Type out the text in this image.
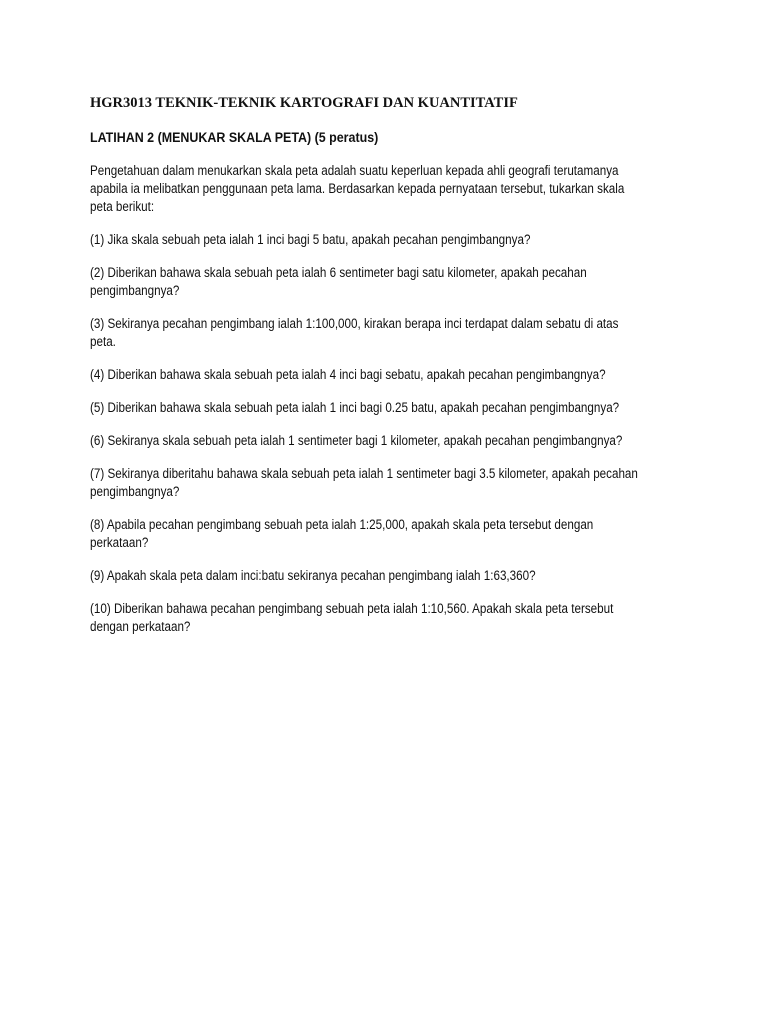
HGR3013 TEKNIK-TEKNIK KARTOGRAFI DAN KUANTITATIF
LATIHAN 2 (MENUKAR SKALA PETA) (5 peratus)
Pengetahuan dalam menukarkan skala peta adalah suatu keperluan kepada ahli geografi terutamanya
apabila ia melibatkan penggunaan peta lama. Berdasarkan kepada pernyataan tersebut, tukarkan skala
peta berikut:
(1) Jika skala sebuah peta ialah 1 inci bagi 5 batu, apakah pecahan pengimbangnya?
(2) Diberikan bahawa skala sebuah peta ialah 6 sentimeter bagi satu kilometer, apakah pecahan
pengimbangnya?
(3) Sekiranya pecahan pengimbang ialah 1:100,000, kirakan berapa inci terdapat dalam sebatu di atas
peta.
(4) Diberikan bahawa skala sebuah peta ialah 4 inci bagi sebatu, apakah pecahan pengimbangnya?
(5) Diberikan bahawa skala sebuah peta ialah 1 inci bagi 0.25 batu, apakah pecahan pengimbangnya?
(6) Sekiranya skala sebuah peta ialah 1 sentimeter bagi 1 kilometer, apakah pecahan pengimbangnya?
(7) Sekiranya diberitahu bahawa skala sebuah peta ialah 1 sentimeter bagi 3.5 kilometer, apakah pecahan
pengimbangnya?
(8) Apabila pecahan pengimbang sebuah peta ialah 1:25,000, apakah skala peta tersebut dengan
perkataan?
(9) Apakah skala peta dalam inci:batu sekiranya pecahan pengimbang ialah 1:63,360?
(10) Diberikan bahawa pecahan pengimbang sebuah peta ialah 1:10,560. Apakah skala peta tersebut
dengan perkataan?
